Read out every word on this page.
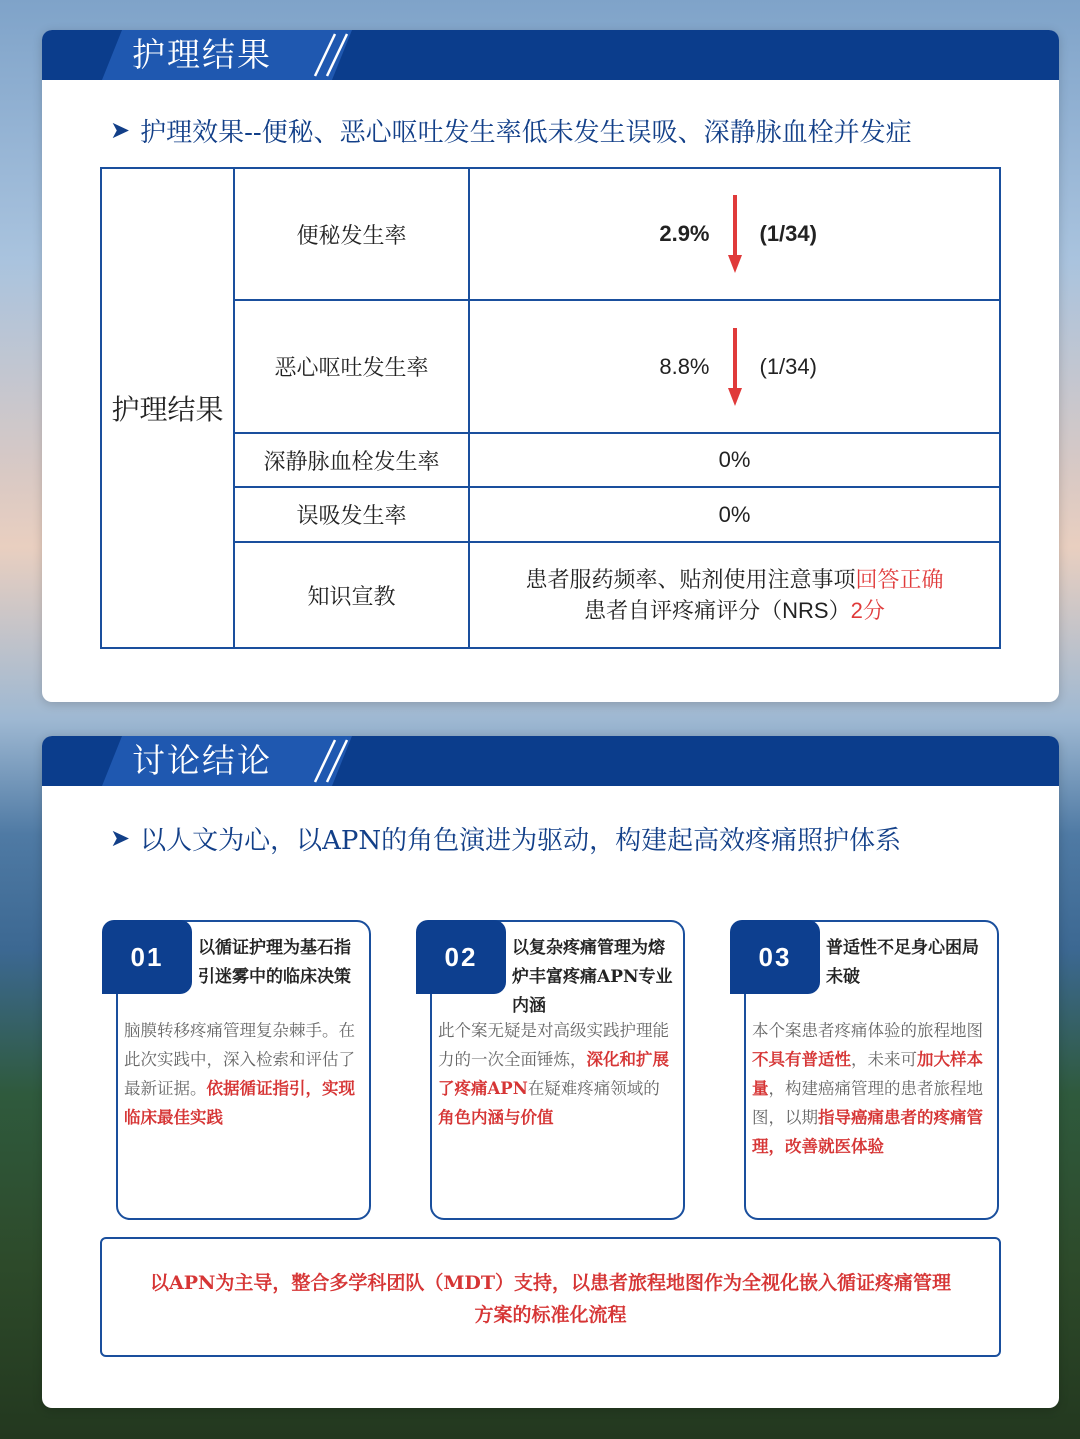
护理结果
➤ 护理效果--便秘、恶心呕吐发生率低未发生误吸、深静脉血栓并发症
护理结果	便秘发生率	2.9% (1/34)

	恶心呕吐发生率	8.8% (1/34)

	深静脉血栓发生率	0%
	误吸发生率	0%
	知识宣教	患者服药频率、贴剂使用注意事项回答正确
患者自评疼痛评分（NRS）2分
讨论结论
➤ 以人文为心，以APN的角色演进为驱动，构建起高效疼痛照护体系
01	以循证护理为基石指引迷雾中的临床决策
脑膜转移疼痛管理复杂棘手。在此次实践中，深入检索和评估了最新证据。依据循证指引，实现临床最佳实践
02	以复杂疼痛管理为熔炉丰富疼痛APN专业内涵
此个案无疑是对高级实践护理能力的一次全面锤炼，深化和扩展了疼痛APN在疑难疼痛领域的角色内涵与价值
03	普适性不足身心困局未破
本个案患者疼痛体验的旅程地图不具有普适性，未来可加大样本量，构建癌痛管理的患者旅程地图，以期指导癌痛患者的疼痛管理，改善就医体验
以APN为主导，整合多学科团队（MDT）支持，以患者旅程地图作为全视化嵌入循证疼痛管理方案的标准化流程
